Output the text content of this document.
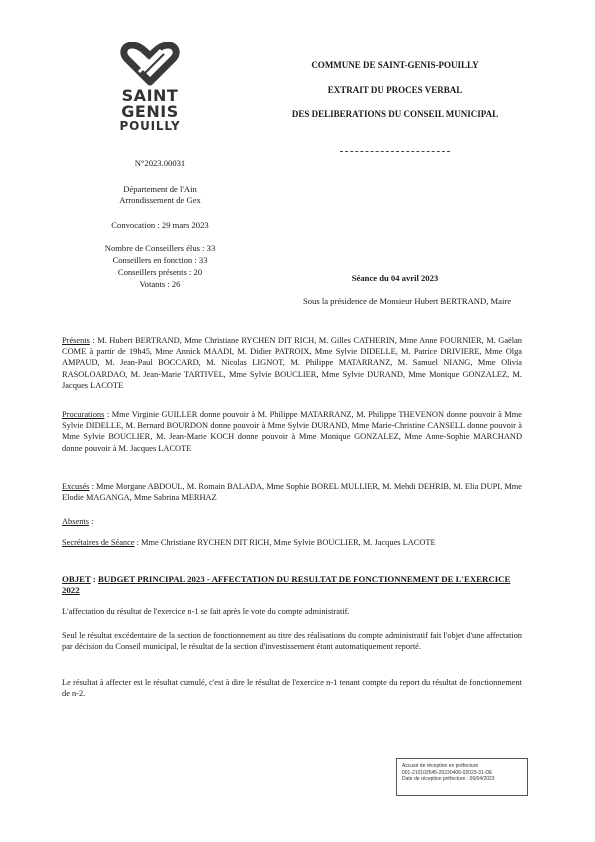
SAINT
GENIS
POUILLY
COMMUNE DE SAINT-GENIS-POUILLY
EXTRAIT DU PROCES VERBAL
DES DELIBERATIONS DU CONSEIL MUNICIPAL
N°2023.00031
Département de l'Ain
Arrondissement de Gex
Convocation : 29 mars 2023
Nombre de Conseillers élus : 33
Conseillers en fonction : 33
Conseillers présents : 20
Votants : 26
Séance du 04 avril 2023
Sous la présidence de Monsieur Hubert BERTRAND, Maire
Présents : M. Hubert BERTRAND, Mme Christiane RYCHEN DIT RICH, M. Gilles CATHERIN, Mme Anne FOURNIER, M. Gaëlan COME à partir de 19h45, Mme Annick MAADI, M. Didier PATROIX, Mme Sylvie DIDELLE, M. Patrice DRIVIERE, Mme Olga AMPAUD, M. Jean-Paul BOCCARD, M. Nicolas LIGNOT, M. Philippe MATARRANZ, M. Samuel NIANG, Mme Olivia RASOLOARDAO, M. Jean-Marie TARTIVEL, Mme Sylvie BOUCLIER, Mme Sylvie DURAND, Mme Monique GONZALEZ, M. Jacques LACOTE
Procurations : Mme Virginie GUILLER donne pouvoir à M. Philippe MATARRANZ, M. Philippe THEVENON donne pouvoir à Mme Sylvie DIDELLE, M. Bernard BOURDON donne pouvoir à Mme Sylvie DURAND, Mme Marie-Christine CANSELL donne pouvoir à Mme Sylvie BOUCLIER, M. Jean-Marie KOCH donne pouvoir à Mme Monique GONZALEZ, Mme Anne-Sophie MARCHAND donne pouvoir à M. Jacques LACOTE
Excusés : Mme Morgane ABDOUL, M. Romain BALADA, Mme Sophie BOREL MULLIER, M. Mehdi DEHRIB, M. Elia DUPI, Mme Elodie MAGANGA, Mme Sabrina MERHAZ
Absents :
Secrétaires de Séance : Mme Christiane RYCHEN DIT RICH, Mme Sylvie BOUCLIER, M. Jacques LACOTE
OBJET : BUDGET PRINCIPAL 2023 - AFFECTATION DU RESULTAT DE FONCTIONNEMENT DE L'EXERCICE 2022
L'affectation du résultat de l'exercice n-1 se fait après le vote du compte administratif.
Seul le résultat excédentaire de la section de fonctionnement au titre des réalisations du compte administratif fait l'objet d'une affectation par décision du Conseil municipal, le résultat de la section d'investissement étant automatiquement reporté.
Le résultat à affecter est le résultat cumulé, c'est à dire le résultat de l'exercice n-1 tenant compte du report du résultat de fonctionnement de n-2.
Accusé de réception en préfecture
001-210103545-20230406-02023-31-DE
Date de réception préfecture : 06/04/2023
